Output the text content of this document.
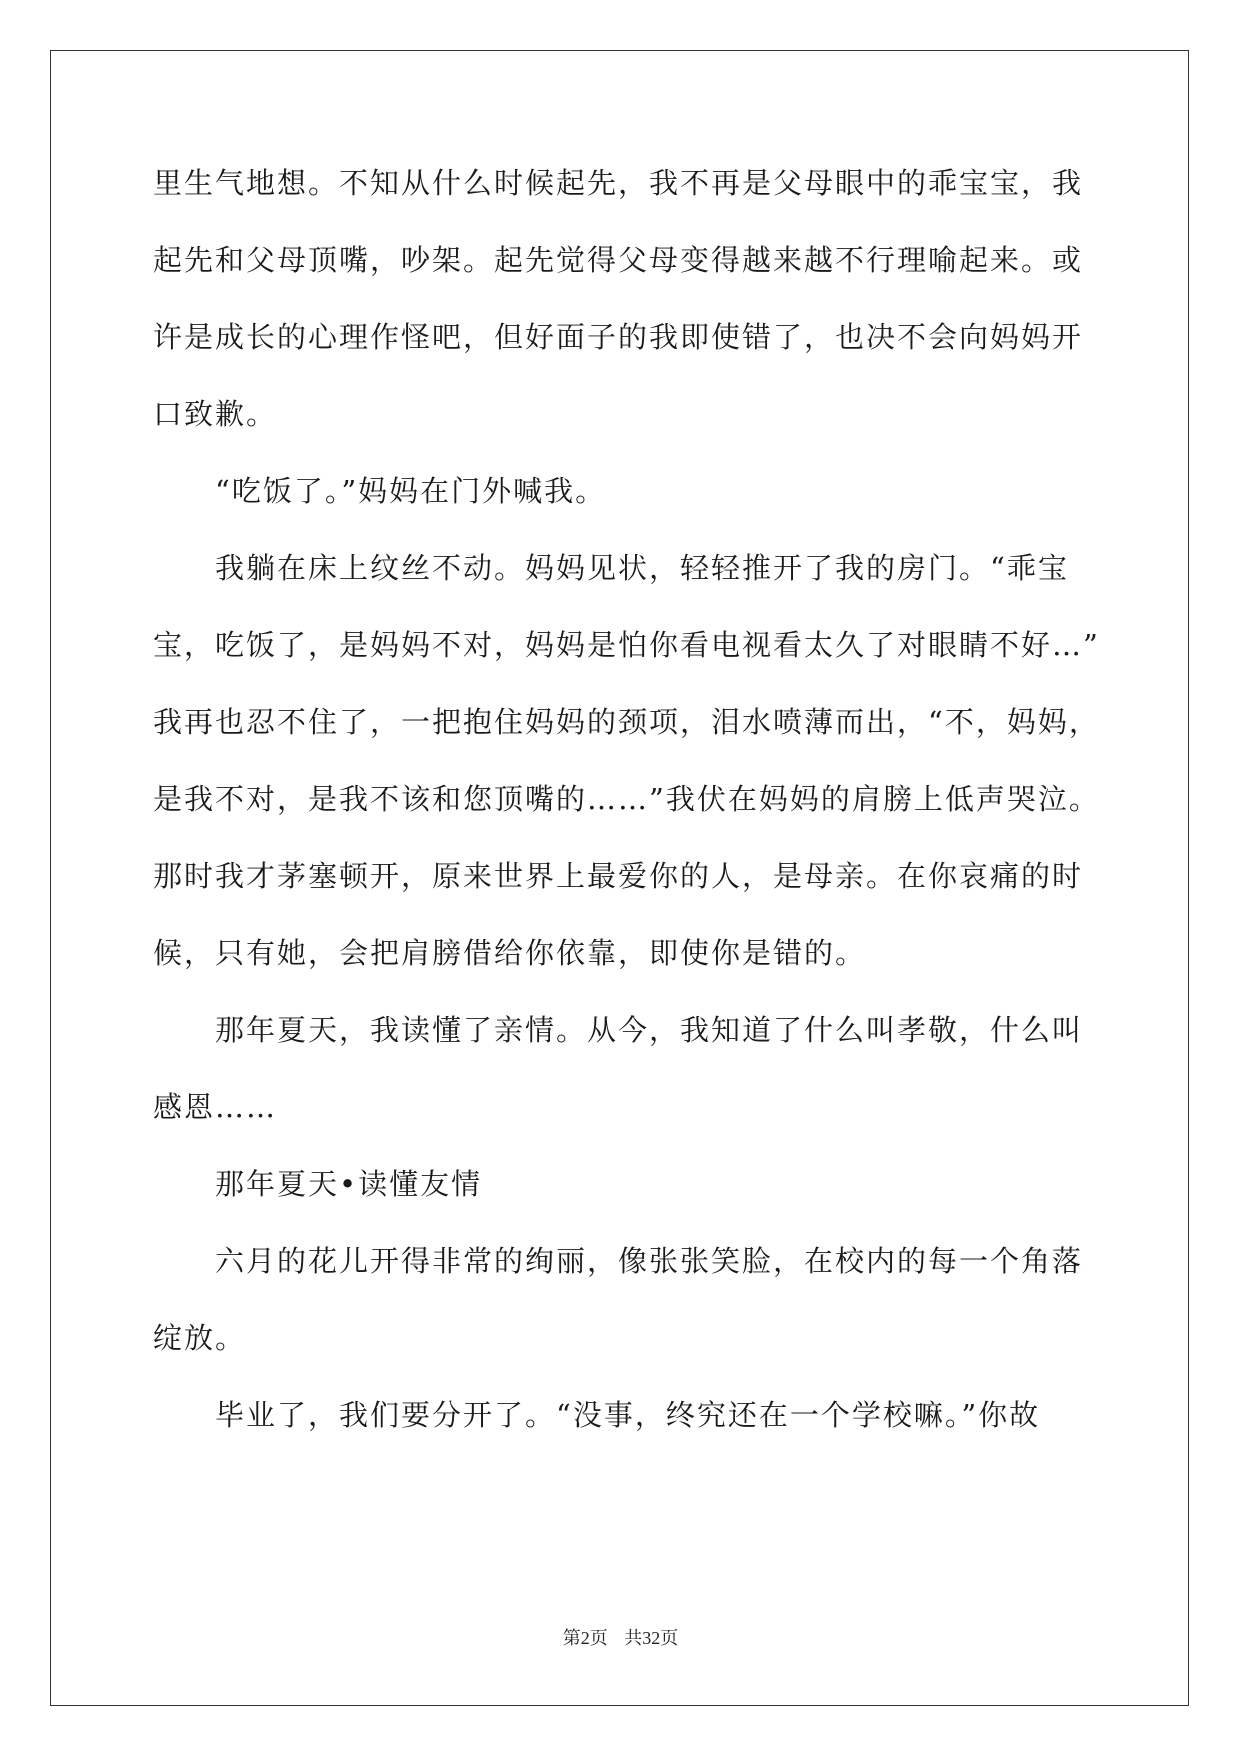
里生气地想。不知从什么时候起先，我不再是父母眼中的乖宝宝，我
起先和父母顶嘴，吵架。起先觉得父母变得越来越不行理喻起来。或
许是成长的心理作怪吧，但好面子的我即使错了，也决不会向妈妈开
口致歉。
“吃饭了。”妈妈在门外喊我。
我躺在床上纹丝不动。妈妈见状，轻轻推开了我的房门。“乖宝
宝，吃饭了，是妈妈不对，妈妈是怕你看电视看太久了对眼睛不好…”
我再也忍不住了，一把抱住妈妈的颈项，泪水喷薄而出，“不，妈妈，
是我不对，是我不该和您顶嘴的……”我伏在妈妈的肩膀上低声哭泣。
那时我才茅塞顿开，原来世界上最爱你的人，是母亲。在你哀痛的时
候，只有她，会把肩膀借给你依靠，即使你是错的。
那年夏天，我读懂了亲情。从今，我知道了什么叫孝敬，什么叫
感恩……
那年夏天•读懂友情
六月的花儿开得非常的绚丽，像张张笑脸，在校内的每一个角落
绽放。
毕业了，我们要分开了。“没事，终究还在一个学校嘛。”你故
第2页 共32页
